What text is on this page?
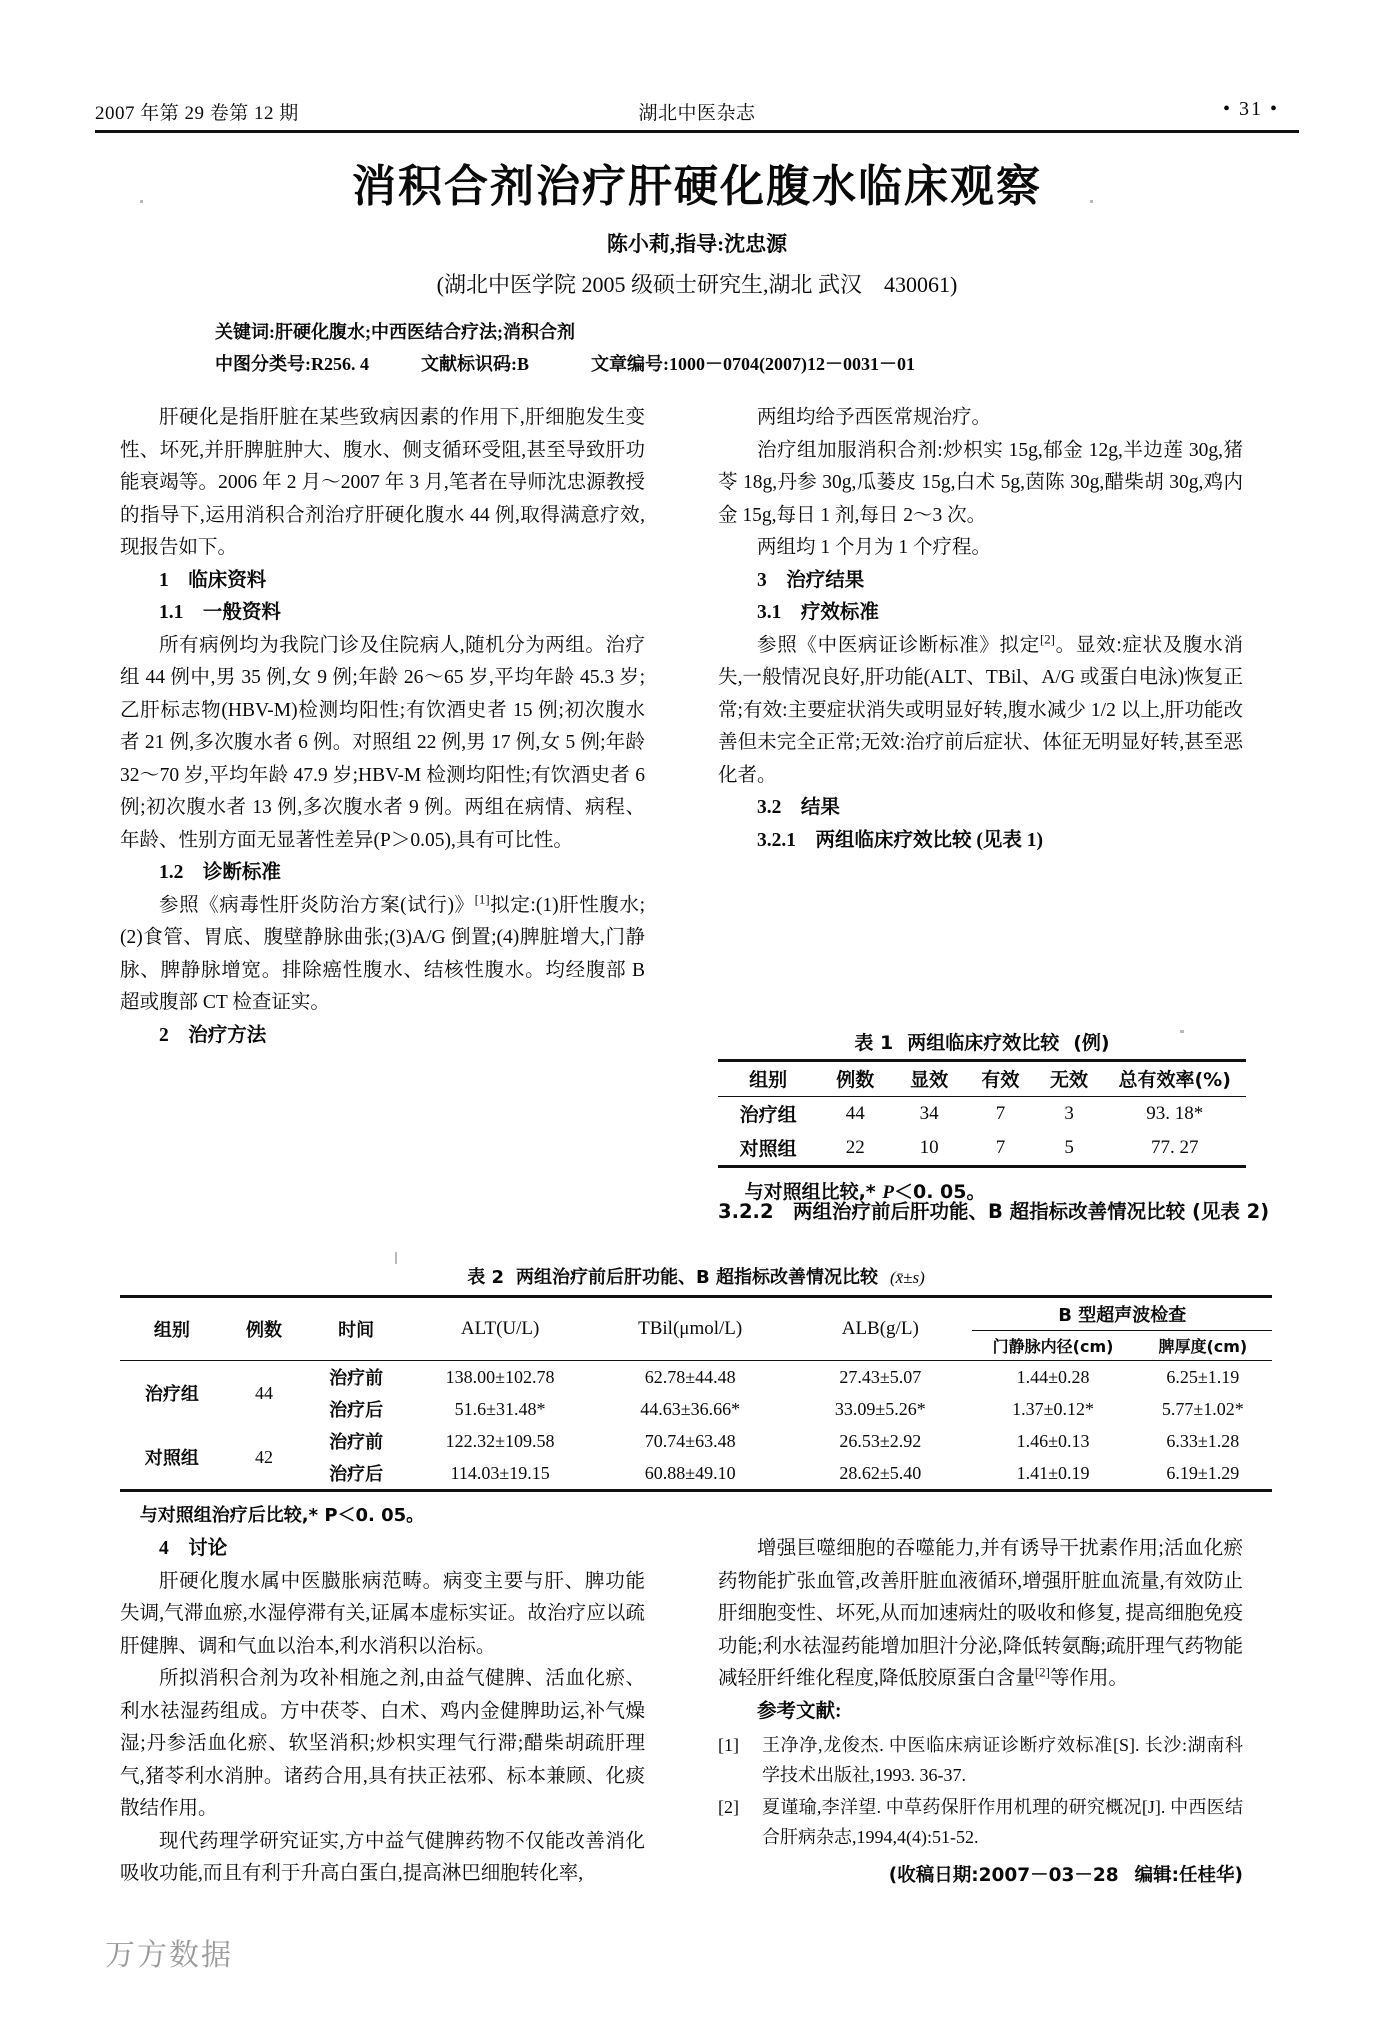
2007 年第 29 卷第 12 期	湖北中医杂志	• 31 •
消积合剂治疗肝硬化腹水临床观察
陈小莉,指导:沈忠源
(湖北中医学院 2005 级硕士研究生,湖北 武汉　430061)
关键词:肝硬化腹水;中西医结合疗法;消积合剂
中图分类号:R256. 4	文献标识码:B	文章编号:1000－0704(2007)12－0031－01

肝硬化是指肝脏在某些致病因素的作用下,肝细胞发生变性、坏死,并肝脾脏肿大、腹水、侧支循环受阻,甚至导致肝功能衰竭等。2006 年 2 月～2007 年 3 月,笔者在导师沈忠源教授的指导下,运用消积合剂治疗肝硬化腹水 44 例,取得满意疗效,现报告如下。

1　临床资料

1.1　一般资料

所有病例均为我院门诊及住院病人,随机分为两组。治疗组 44 例中,男 35 例,女 9 例;年龄 26～65 岁,平均年龄 45.3 岁;乙肝标志物(HBV-M)检测均阳性;有饮酒史者 15 例;初次腹水者 21 例,多次腹水者 6 例。对照组 22 例,男 17 例,女 5 例;年龄 32～70 岁,平均年龄 47.9 岁;HBV-M 检测均阳性;有饮酒史者 6 例;初次腹水者 13 例,多次腹水者 9 例。两组在病情、病程、年龄、性别方面无显著性差异(P＞0.05),具有可比性。

1.2　诊断标准

参照《病毒性肝炎防治方案(试行)》[1]拟定:(1)肝性腹水;(2)食管、胃底、腹壁静脉曲张;(3)A/G 倒置;(4)脾脏增大,门静脉、脾静脉增宽。排除癌性腹水、结核性腹水。均经腹部 B 超或腹部 CT 检查证实。

2　治疗方法

两组均给予西医常规治疗。

治疗组加服消积合剂:炒枳实 15g,郁金 12g,半边莲 30g,猪苓 18g,丹参 30g,瓜蒌皮 15g,白术 5g,茵陈 30g,醋柴胡 30g,鸡内金 15g,每日 1 剂,每日 2～3 次。

两组均 1 个月为 1 个疗程。

3　治疗结果

3.1　疗效标准

参照《中医病证诊断标准》拟定[2]。显效:症状及腹水消失,一般情况良好,肝功能(ALT、TBil、A/G 或蛋白电泳)恢复正常;有效:主要症状消失或明显好转,腹水减少 1/2 以上,肝功能改善但未完全正常;无效:治疗前后症状、体征无明显好转,甚至恶化者。

3.2　结果

3.2.1　两组临床疗效比较 (见表 1)

表 1 两组临床疗效比较 (例)
组别	例数	显效	有效	无效	总有效率(%)
治疗组	44	34	7	3	93. 18*
对照组	22	10	7	5	77. 27
与对照组比较,* P＜0. 05。
3.2.2　两组治疗前后肝功能、B 超指标改善情况比较 (见表 2)
表 2 两组治疗前后肝功能、B 超指标改善情况比较 (x̄±s)
组别	例数	时间	ALT(U/L)	TBil(μmol/L)	ALB(g/L)	B 型超声波检查	
						门静脉内径(cm)	脾厚度(cm)
治疗组	44	治疗前	138.00±102.78	62.78±44.48	27.43±5.07	1.44±0.28	6.25±1.19
		治疗后	51.6±31.48*	44.63±36.66*	33.09±5.26*	1.37±0.12*	5.77±1.02*
对照组	42	治疗前	122.32±109.58	70.74±63.48	26.53±2.92	1.46±0.13	6.33±1.28
		治疗后	114.03±19.15	60.88±49.10	28.62±5.40	1.41±0.19	6.19±1.29
与对照组治疗后比较,* P＜0. 05。

4　讨论

肝硬化腹水属中医臌胀病范畴。病变主要与肝、脾功能失调,气滞血瘀,水湿停滞有关,证属本虚标实证。故治疗应以疏肝健脾、调和气血以治本,利水消积以治标。

所拟消积合剂为攻补相施之剂,由益气健脾、活血化瘀、利水祛湿药组成。方中茯苓、白术、鸡内金健脾助运,补气燥湿;丹参活血化瘀、软坚消积;炒枳实理气行滞;醋柴胡疏肝理气,猪苓利水消肿。诸药合用,具有扶正祛邪、标本兼顾、化痰散结作用。

现代药理学研究证实,方中益气健脾药物不仅能改善消化吸收功能,而且有利于升高白蛋白,提高淋巴细胞转化率,

增强巨噬细胞的吞噬能力,并有诱导干扰素作用;活血化瘀药物能扩张血管,改善肝脏血液循环,增强肝脏血流量,有效防止肝细胞变性、坏死,从而加速病灶的吸收和修复, 提高细胞免疫功能;利水祛湿药能增加胆汁分泌,降低转氨酶;疏肝理气药物能减轻肝纤维化程度,降低胶原蛋白含量[2]等作用。

参考文献:

[1]	王净净,龙俊杰. 中医临床病证诊断疗效标准[S]. 长沙:湖南科学技术出版社,1993. 36-37.
[2]	夏谨瑜,李洋望. 中草药保肝作用机理的研究概况[J]. 中西医结合肝病杂志,1994,4(4):51-52.
(收稿日期:2007－03－28 编辑:任桂华)
万方数据
